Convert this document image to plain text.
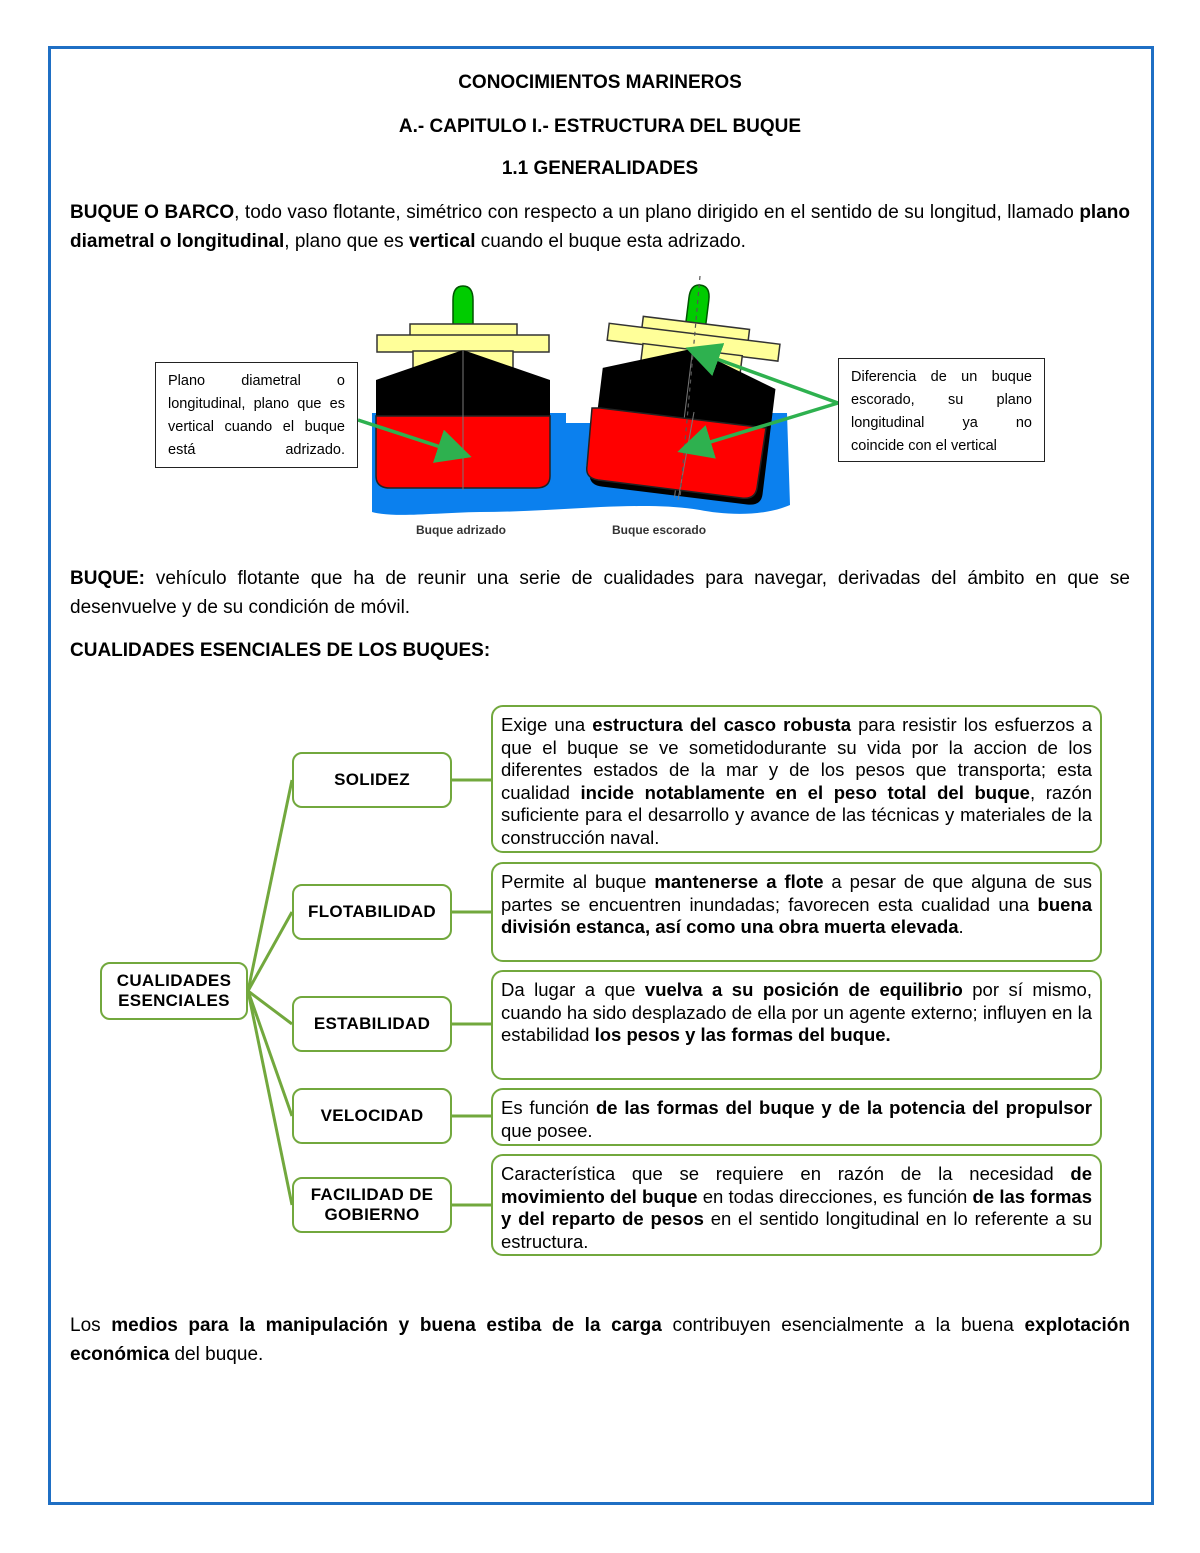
CONOCIMIENTOS MARINEROS
A.- CAPITULO I.- ESTRUCTURA DEL BUQUE
1.1 GENERALIDADES
BUQUE O BARCO, todo vaso flotante, simétrico con respecto a un plano dirigido en el sentido de su longitud, llamado plano diametral o longitudinal, plano que es vertical cuando el buque esta adrizado.
Plano diametral o longitudinal, plano que es vertical cuando el buque está adrizado.
Diferencia de un buque escorado, su plano longitudinal ya no
coincide con el vertical
Buque adrizado	Buque escorado
BUQUE: vehículo flotante que ha de reunir una serie de cualidades para navegar, derivadas del ámbito en que se desenvuelve y de su condición de móvil.
CUALIDADES ESENCIALES DE LOS BUQUES:
CUALIDADES
ESENCIALES
SOLIDEZ
FLOTABILIDAD
ESTABILIDAD
VELOCIDAD
FACILIDAD DE GOBIERNO
Exige una estructura del casco robusta para resistir los esfuerzos a que el buque se ve sometidodurante su vida por la accion de los diferentes estados de la mar y de los pesos que transporta; esta cualidad incide notablamente en el peso total del buque, razón suficiente para el desarrollo y avance de las técnicas y materiales de la construcción naval.
Permite al buque mantenerse a flote a pesar de que alguna de sus partes se encuentren inundadas; favorecen esta cualidad una buena división estanca, así como una obra muerta elevada.
Da lugar a que vuelva a su posición de equilibrio por sí mismo, cuando ha sido desplazado de ella por un agente externo; influyen en la estabilidad los pesos y las formas del buque.
Es función de las formas del buque y de la potencia del propulsor que posee.
Característica que se requiere en razón de la necesidad de movimiento del buque en todas direcciones, es función de las formas y del reparto de pesos en el sentido longitudinal en lo referente a su estructura.
Los medios para la manipulación y buena estiba de la carga contribuyen esencialmente a la buena explotación económica del buque.
